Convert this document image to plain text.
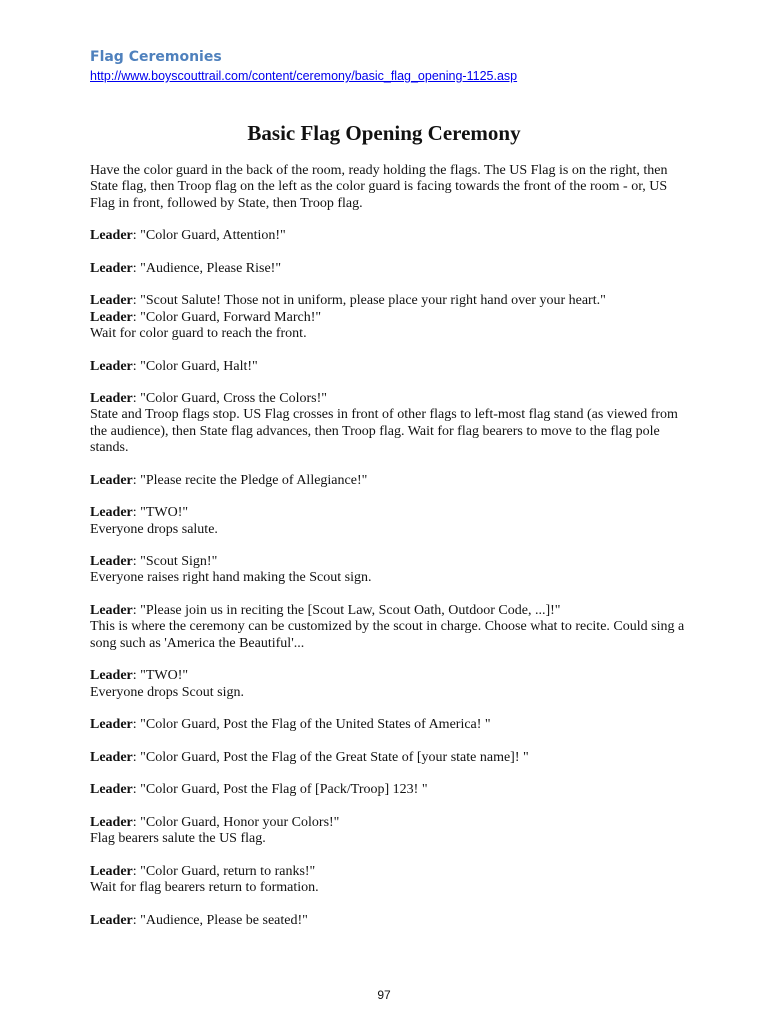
Flag Ceremonies
http://www.boyscouttrail.com/content/ceremony/basic_flag_opening-1125.asp
Basic Flag Opening Ceremony
Have the color guard in the back of the room, ready holding the flags. The US Flag is on the right, then
State flag, then Troop flag on the left as the color guard is facing towards the front of the room - or, US
Flag in front, followed by State, then Troop flag.
Leader: "Color Guard, Attention!"
Leader: "Audience, Please Rise!"
Leader: "Scout Salute! Those not in uniform, please place your right hand over your heart."
Leader: "Color Guard, Forward March!"
Wait for color guard to reach the front.
Leader: "Color Guard, Halt!"
Leader: "Color Guard, Cross the Colors!"
State and Troop flags stop. US Flag crosses in front of other flags to left-most flag stand (as viewed from
the audience), then State flag advances, then Troop flag. Wait for flag bearers to move to the flag pole
stands.
Leader: "Please recite the Pledge of Allegiance!"
Leader: "TWO!"
Everyone drops salute.
Leader: "Scout Sign!"
Everyone raises right hand making the Scout sign.
Leader: "Please join us in reciting the [Scout Law, Scout Oath, Outdoor Code, ...]!"
This is where the ceremony can be customized by the scout in charge. Choose what to recite. Could sing a
song such as 'America the Beautiful'...
Leader: "TWO!"
Everyone drops Scout sign.
Leader: "Color Guard, Post the Flag of the United States of America! "
Leader: "Color Guard, Post the Flag of the Great State of [your state name]! "
Leader: "Color Guard, Post the Flag of [Pack/Troop] 123! "
Leader: "Color Guard, Honor your Colors!"
Flag bearers salute the US flag.
Leader: "Color Guard, return to ranks!"
Wait for flag bearers return to formation.
Leader: "Audience, Please be seated!"
97
